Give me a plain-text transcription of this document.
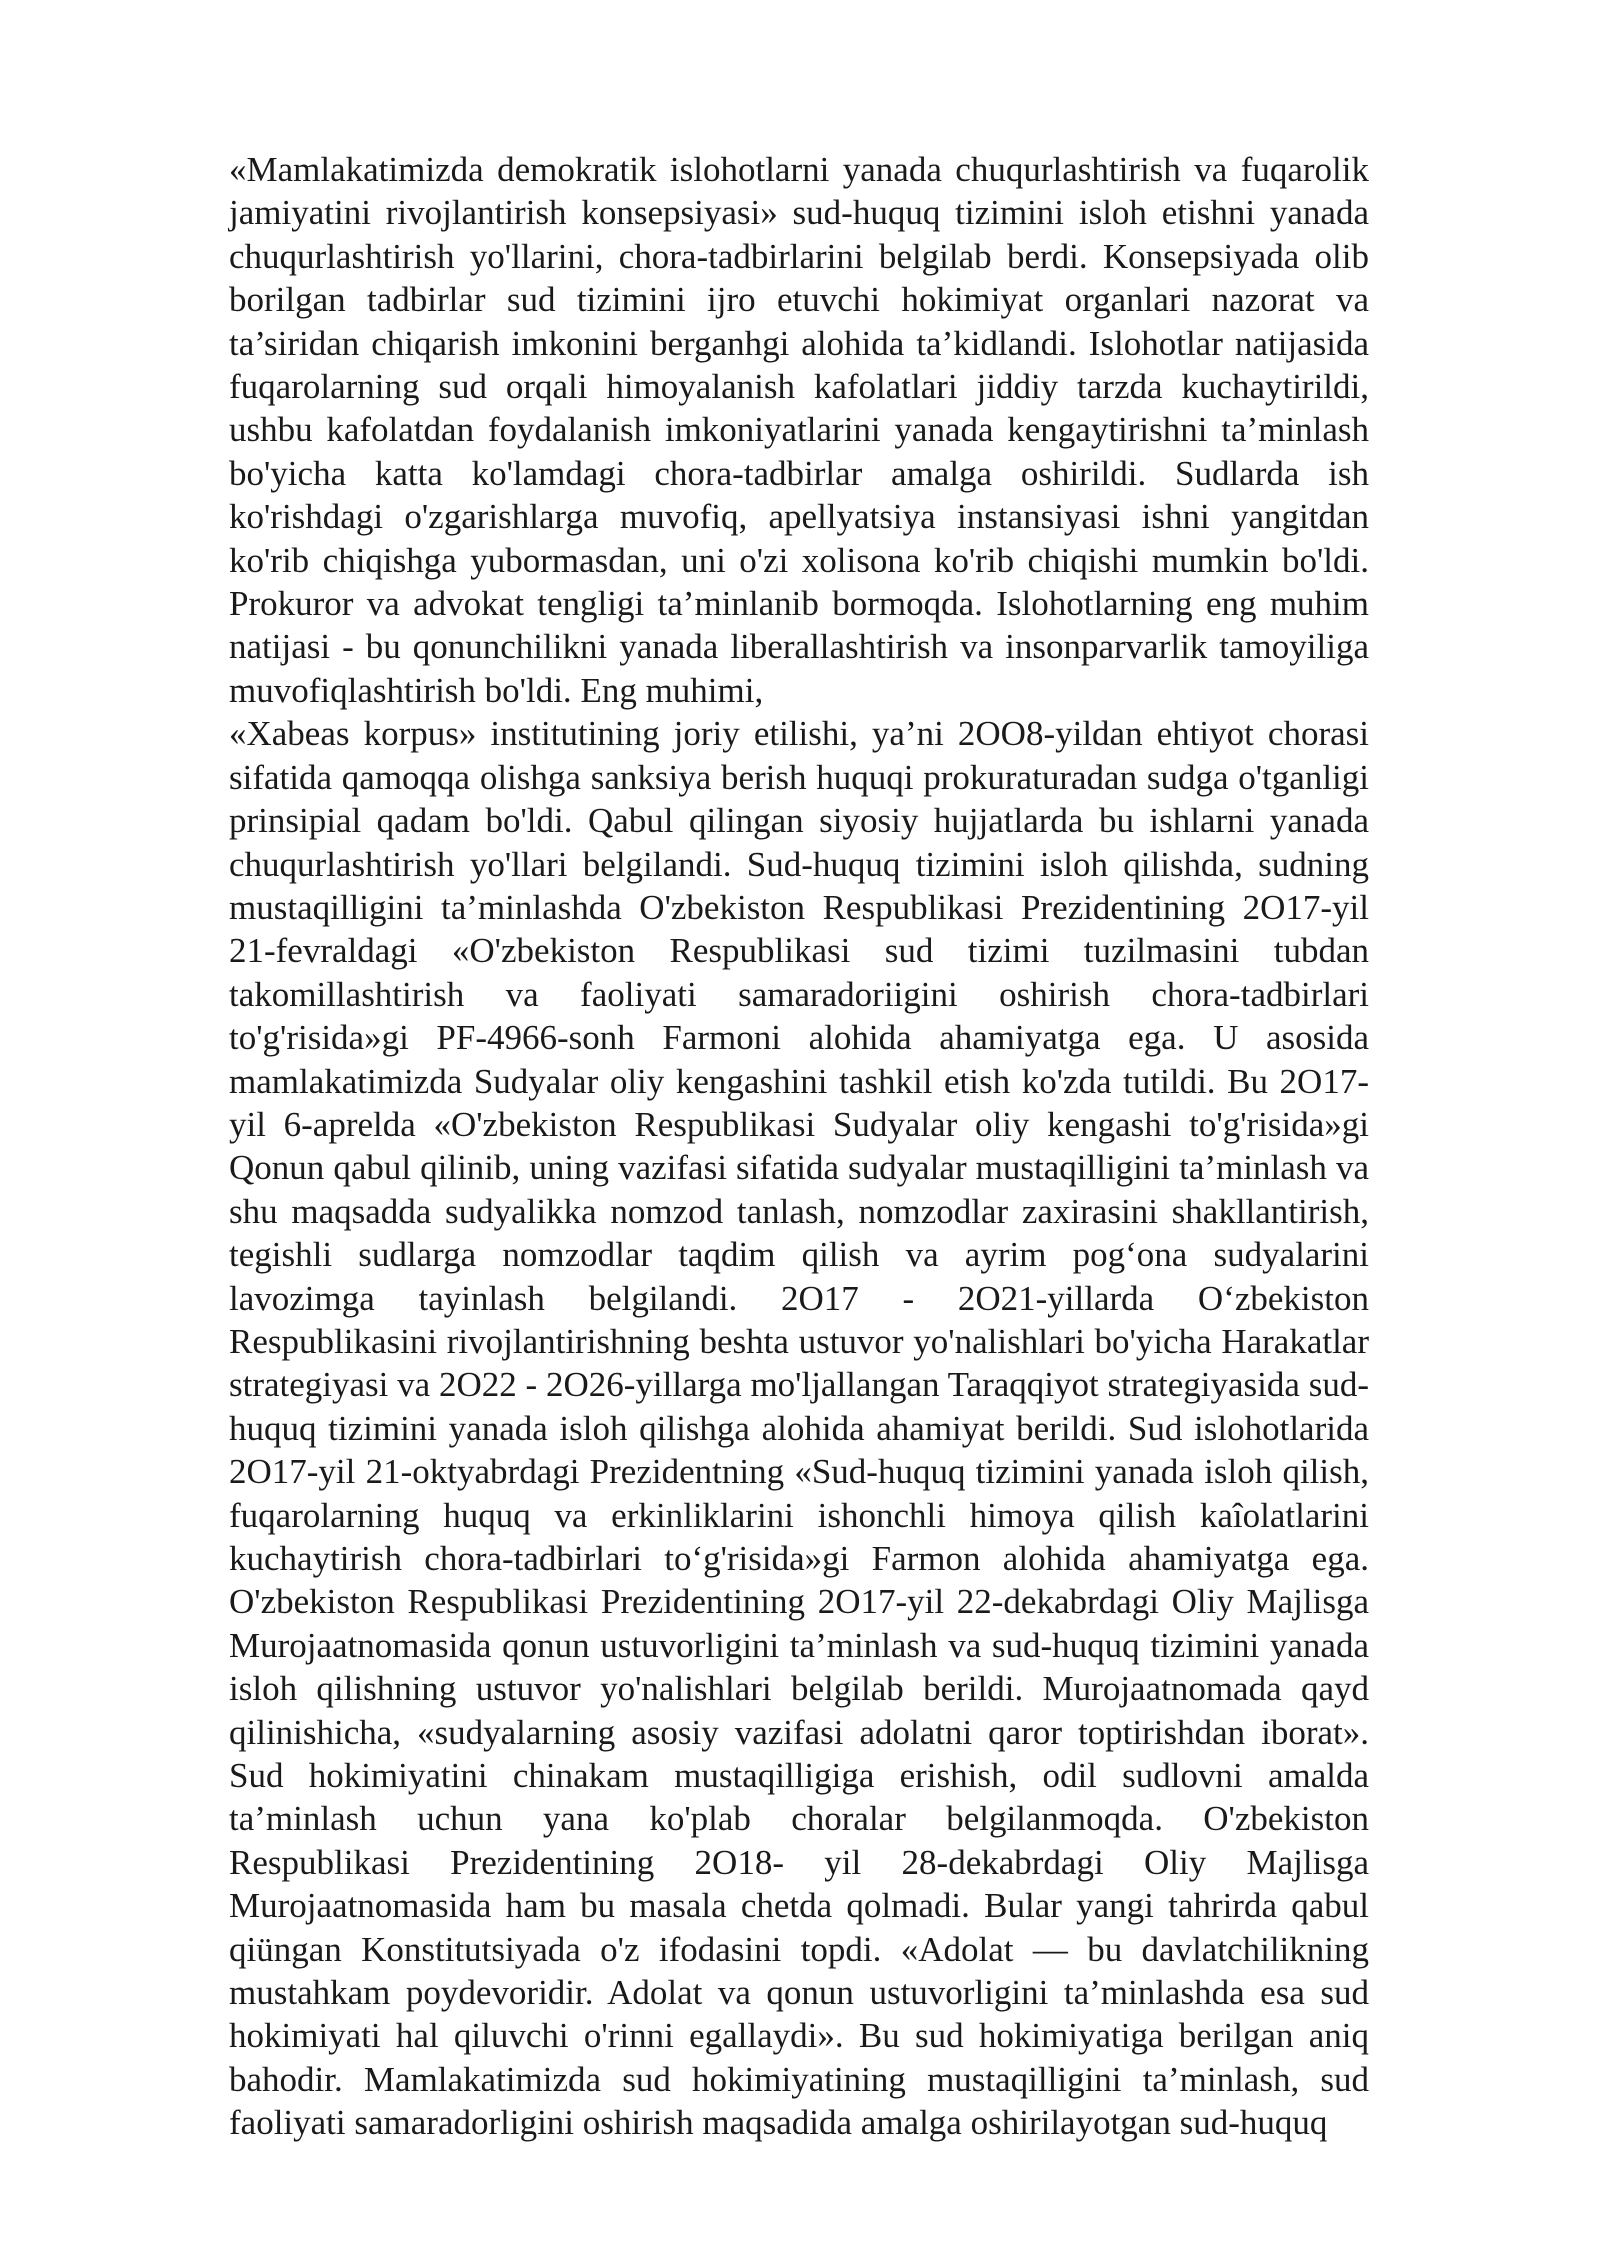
«Mamlakatimizda demokratik islohotlarni yanada chuqurlashtirish va fuqarolik jamiyatini rivojlantirish konsepsiyasi» sud-huquq tizimini isloh etishni yanada chuqurlashtirish yo'llarini, chora-tadbirlarini belgilab berdi. Konsepsiyada olib borilgan tadbirlar sud tizimini ijro etuvchi hokimiyat organlari nazorat va ta’siridan chiqarish imkonini berganhgi alohida ta’kidlandi. Islohotlar natijasida fuqarolarning sud orqali himoyalanish kafolatlari jiddiy tarzda kuchaytirildi, ushbu kafolatdan foydalanish imkoniyatlarini yanada kengaytirishni ta’minlash bo'yicha katta ko'lamdagi chora-tadbirlar amalga oshirildi. Sudlarda ish ko'rishdagi o'zgarishlarga muvofiq, apellyatsiya instansiyasi ishni yangitdan ko'rib chiqishga yubormasdan, uni o'zi xolisona ko'rib chiqishi mumkin bo'ldi. Prokuror va advokat tengligi ta’minlanib bormoqda. Islohotlarning eng muhim natijasi - bu qonunchilikni yanada liberallashtirish va insonparvarlik tamoyiliga muvofiqlashtirish bo'ldi. Eng muhimi,

«Xabeas korpus» institutining joriy etilishi, ya’ni 2OO8-yildan ehtiyot chorasi sifatida qamoqqa olishga sanksiya berish huquqi prokuraturadan sudga o'tganligi prinsipial qadam bo'ldi. Qabul qilingan siyosiy hujjatlarda bu ishlarni yanada chuqurlashtirish yo'llari belgilandi. Sud-huquq tizimini isloh qilishda, sudning mustaqilligini ta’minlashda O'zbekiston Respublikasi Prezidentining 2O17-yil 21-fevraldagi «O'zbekiston Respublikasi sud tizimi tuzilmasini tubdan takomillashtirish va faoliyati samaradoriigini oshirish chora-tadbirlari to'g'risida»gi PF-4966-sonh Farmoni alohida ahamiyatga ega. U asosida mamlakatimizda Sudyalar oliy kengashini tashkil etish ko'zda tutildi. Bu 2O17-yil 6-aprelda «O'zbekiston Respublikasi Sudyalar oliy kengashi to'g'risida»gi Qonun qabul qilinib, uning vazifasi sifatida sudyalar mustaqilligini ta’minlash va shu maqsadda sudyalikka nomzod tanlash, nomzodlar zaxirasini shakllantirish, tegishli sudlarga nomzodlar taqdim qilish va ayrim pog‘ona sudyalarini lavozimga tayinlash belgilandi. 2O17 - 2O21-yillarda O‘zbekiston Respublikasini rivojlantirishning beshta ustuvor yo'nalishlari bo'yicha Harakatlar strategiyasi va 2O22 - 2O26-yillarga mo'ljallangan Taraqqiyot strategiyasida sud-huquq tizimini yanada isloh qilishga alohida ahamiyat berildi. Sud islohotlarida 2O17-yil 21-oktyabrdagi Prezidentning «Sud-huquq tizimini yanada isloh qilish, fuqarolarning huquq va erkinliklarini ishonchli himoya qilish kaîolatlarini kuchaytirish chora-tadbirlari to‘g'risida»gi Farmon alohida ahamiyatga ega. O'zbekiston Respublikasi Prezidentining 2O17-yil 22-dekabrdagi Oliy Majlisga Murojaatnomasida qonun ustuvorligini ta’minlash va sud-huquq tizimini yanada isloh qilishning ustuvor yo'nalishlari belgilab berildi. Murojaatnomada qayd qilinishicha, «sudyalarning asosiy vazifasi adolatni qaror toptirishdan iborat». Sud hokimiyatini chinakam mustaqilligiga erishish, odil sudlovni amalda ta’minlash uchun yana ko'plab choralar belgilanmoqda. O'zbekiston Respublikasi Prezidentining 2O18- yil 28-dekabrdagi Oliy Majlisga Murojaatnomasida ham bu masala chetda qolmadi. Bular yangi tahrirda qabul qiüngan Konstitutsiyada o'z ifodasini topdi. «Adolat — bu davlatchilikning mustahkam poydevoridir. Adolat va qonun ustuvorligini ta’minlashda esa sud hokimiyati hal qiluvchi o'rinni egallaydi». Bu sud hokimiyatiga berilgan aniq bahodir. Mamlakatimizda sud hokimiyatining mustaqilligini ta’minlash, sud faoliyati samaradorligini oshirish maqsadida amalga oshirilayotgan sud-huquq
